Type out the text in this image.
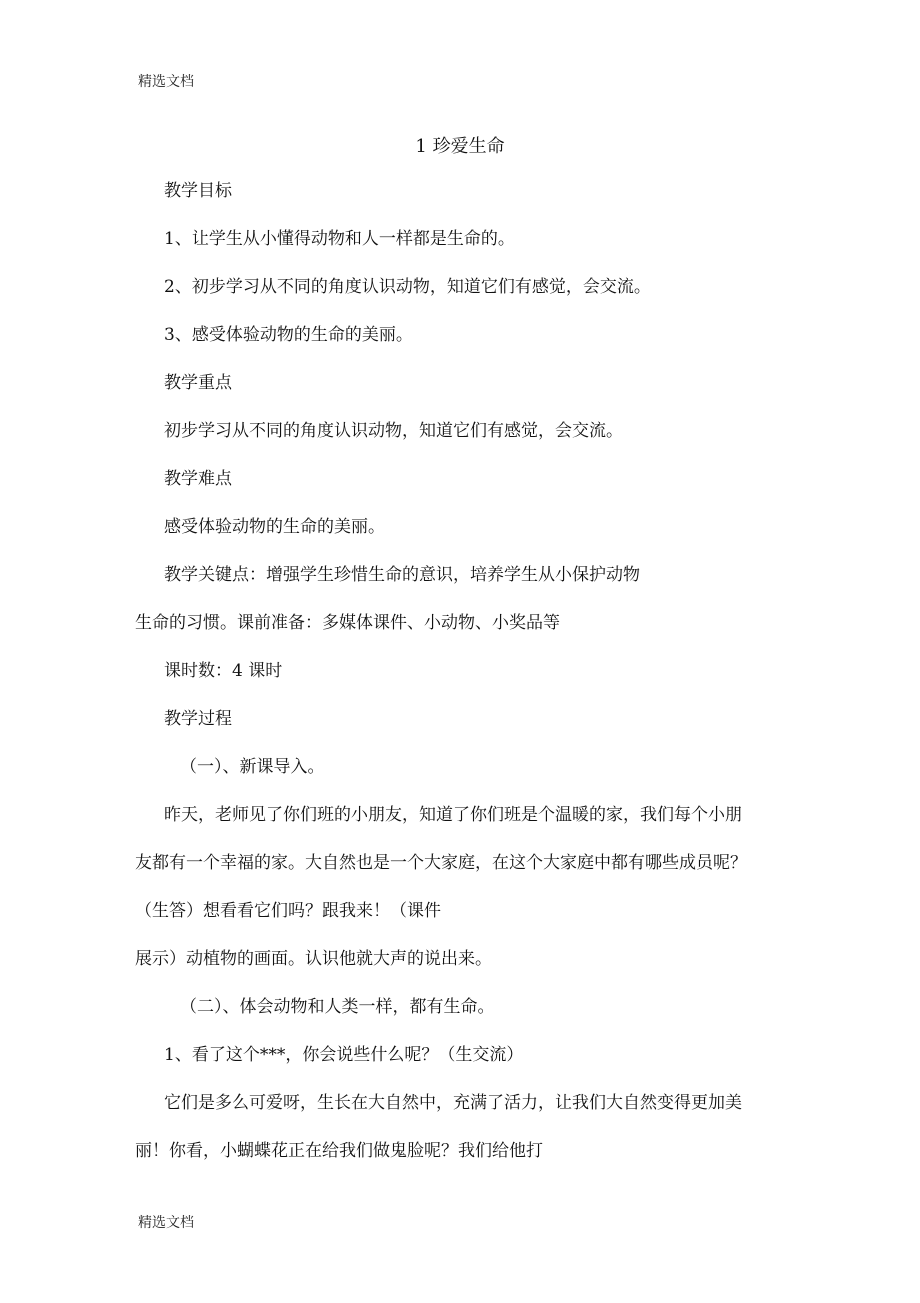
精选文档
1 珍爱生命
教学目标
1、让学生从小懂得动物和人一样都是生命的。
2、初步学习从不同的角度认识动物，知道它们有感觉，会交流。
3、感受体验动物的生命的美丽。
教学重点
初步学习从不同的角度认识动物，知道它们有感觉，会交流。
教学难点
感受体验动物的生命的美丽。
教学关键点：增强学生珍惜生命的意识，培养学生从小保护动物
生命的习惯。课前准备：多媒体课件、小动物、小奖品等
课时数：4 课时
教学过程
（一）、新课导入。
昨天，老师见了你们班的小朋友，知道了你们班是个温暖的家，我们每个小朋
友都有一个幸福的家。大自然也是一个大家庭，在这个大家庭中都有哪些成员呢？
（生答）想看看它们吗？跟我来！（课件
展示）动植物的画面。认识他就大声的说出来。
（二）、体会动物和人类一样，都有生命。
1、看了这个***，你会说些什么呢？（生交流）
它们是多么可爱呀，生长在大自然中，充满了活力，让我们大自然变得更加美
丽！你看，小蝴蝶花正在给我们做鬼脸呢？我们给他打
精选文档
